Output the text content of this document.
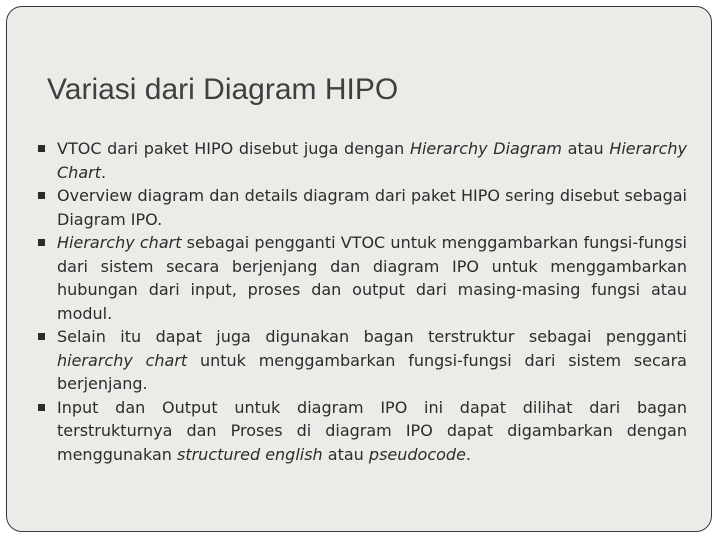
Variasi dari Diagram HIPO
VTOC dari paket HIPO disebut juga dengan Hierarchy Diagram atau Hierarchy Chart.
Overview diagram dan details diagram dari paket HIPO sering disebut sebagai Diagram IPO.
Hierarchy chart sebagai pengganti VTOC untuk menggambarkan fungsi-fungsi dari sistem secara berjenjang dan diagram IPO untuk menggambarkan hubungan dari input, proses dan output dari masing-masing fungsi atau modul.
Selain itu dapat juga digunakan bagan terstruktur sebagai pengganti hierarchy chart untuk menggambarkan fungsi-fungsi dari sistem secara berjenjang.
Input dan Output untuk diagram IPO ini dapat dilihat dari bagan terstrukturnya dan Proses di diagram IPO dapat digambarkan dengan menggunakan structured english atau pseudocode.
